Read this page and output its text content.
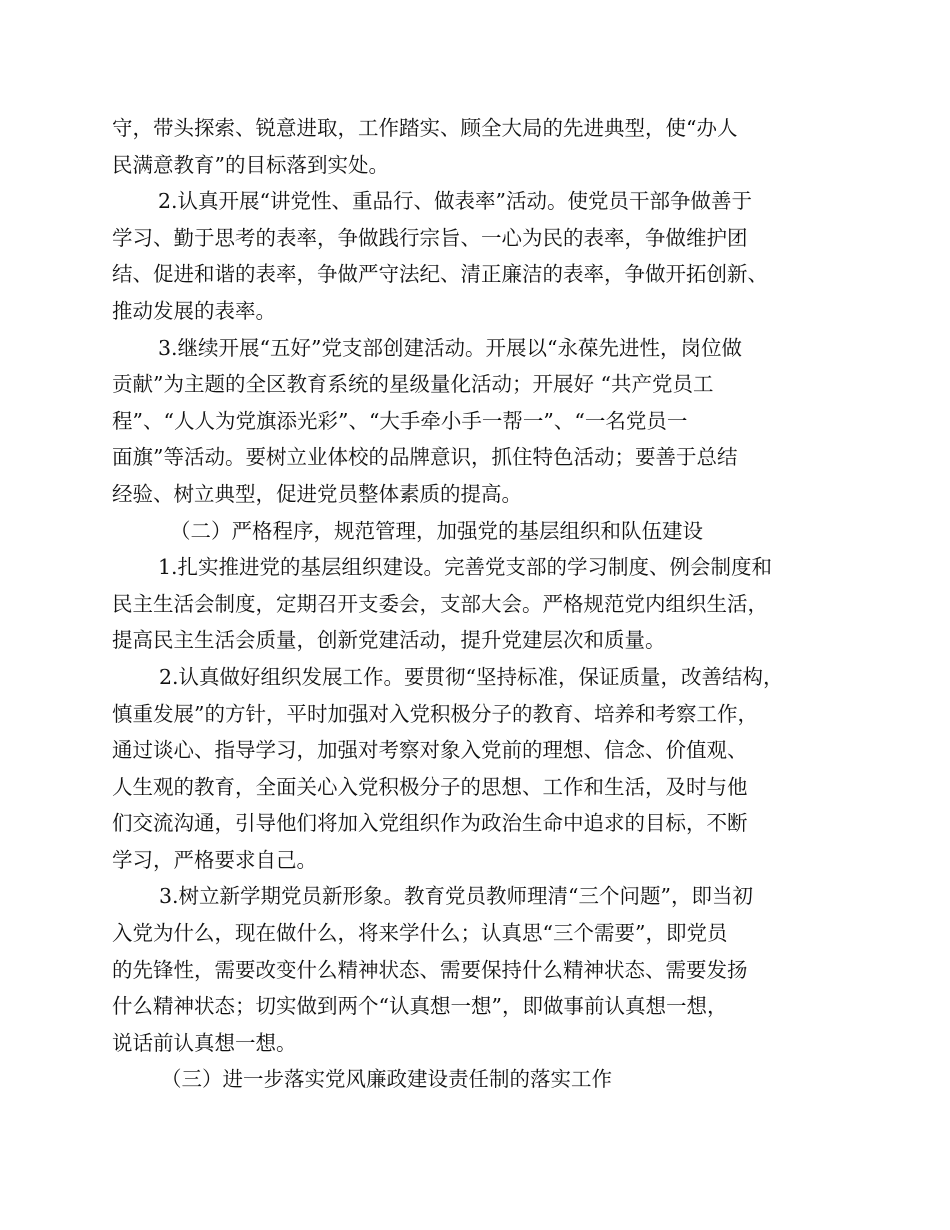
守，带头探索、锐意进取，工作踏实、顾全大局的先进典型，使“办人
民满意教育”的目标落到实处。
2.认真开展“讲党性、重品行、做表率”活动。使党员干部争做善于
学习、勤于思考的表率，争做践行宗旨、一心为民的表率，争做维护团
结、促进和谐的表率，争做严守法纪、清正廉洁的表率，争做开拓创新、
推动发展的表率。
3.继续开展“五好”党支部创建活动。开展以“永葆先进性，岗位做
贡献”为主题的全区教育系统的星级量化活动；开展好 “共产党员工
程”、“人人为党旗添光彩”、“大手牵小手一帮一”、“一名党员一
面旗”等活动。要树立业体校的品牌意识，抓住特色活动；要善于总结
经验、树立典型，促进党员整体素质的提高。
（二）严格程序，规范管理，加强党的基层组织和队伍建设
1.扎实推进党的基层组织建设。完善党支部的学习制度、例会制度和
民主生活会制度，定期召开支委会，支部大会。严格规范党内组织生活，
提高民主生活会质量，创新党建活动，提升党建层次和质量。
2.认真做好组织发展工作。要贯彻“坚持标准，保证质量，改善结构，
慎重发展”的方针，平时加强对入党积极分子的教育、培养和考察工作，
通过谈心、指导学习，加强对考察对象入党前的理想、信念、价值观、
人生观的教育，全面关心入党积极分子的思想、工作和生活，及时与他
们交流沟通，引导他们将加入党组织作为政治生命中追求的目标，不断
学习，严格要求自己。
3.树立新学期党员新形象。教育党员教师理清“三个问题”，即当初
入党为什么，现在做什么，将来学什么；认真思“三个需要”，即党员
的先锋性，需要改变什么精神状态、需要保持什么精神状态、需要发扬
什么精神状态；切实做到两个“认真想一想”，即做事前认真想一想，
说话前认真想一想。
（三）进一步落实党风廉政建设责任制的落实工作
